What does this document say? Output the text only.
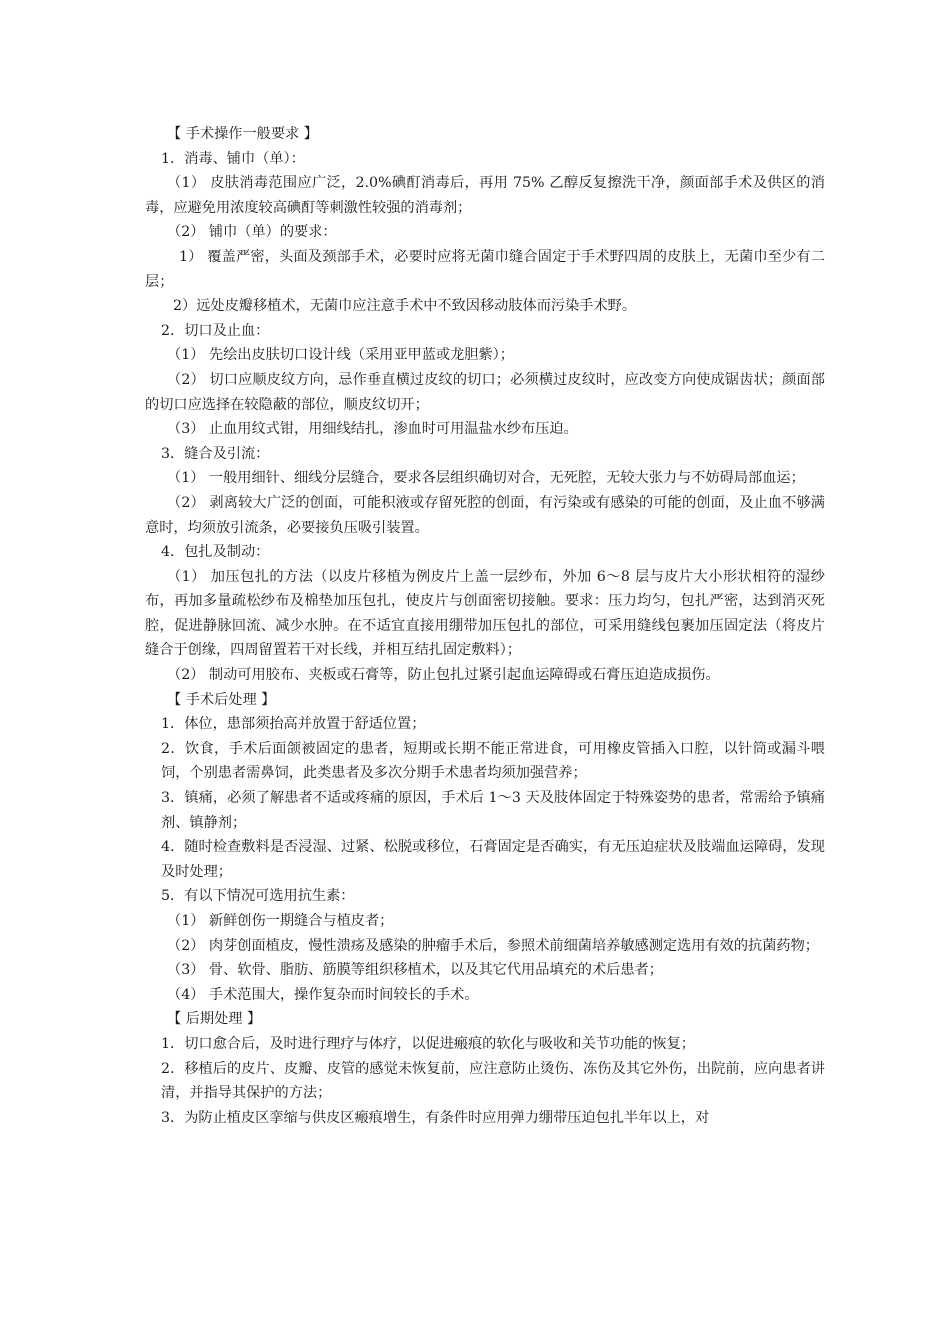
【 手术操作一般要求 】

1．消毒、铺巾（单）：

（1） 皮肤消毒范围应广泛，2.0%碘酊消毒后，再用 75% 乙醇反复擦洗干净，颜面部手术及供区的消毒，应避免用浓度较高碘酊等刺激性较强的消毒剂；

（2） 铺巾（单）的要求：

1） 覆盖严密，头面及颈部手术，必要时应将无菌巾缝合固定于手术野四周的皮肤上，无菌巾至少有二层；

2）远处皮瓣移植术，无菌巾应注意手术中不致因移动肢体而污染手术野。

2．切口及止血：

（1） 先绘出皮肤切口设计线（采用亚甲蓝或龙胆紫）；

（2） 切口应顺皮纹方向，忌作垂直横过皮纹的切口；必须横过皮纹时，应改变方向使成锯齿状；颜面部的切口应选择在较隐蔽的部位，顺皮纹切开；

（3） 止血用纹式钳，用细线结扎，渗血时可用温盐水纱布压迫。

3．缝合及引流：

（1） 一般用细针、细线分层缝合，要求各层组织确切对合，无死腔，无较大张力与不妨碍局部血运；

（2） 剥离较大广泛的创面，可能积液或存留死腔的创面，有污染或有感染的可能的创面，及止血不够满意时，均须放引流条，必要接负压吸引装置。

4．包扎及制动：

（1） 加压包扎的方法（以皮片移植为例皮片上盖一层纱布，外加 6～8 层与皮片大小形状相符的湿纱布，再加多量疏松纱布及棉垫加压包扎，使皮片与创面密切接触。要求：压力均匀，包扎严密，达到消灭死腔，促进静脉回流、减少水肿。在不适宜直接用绷带加压包扎的部位，可采用缝线包裹加压固定法（将皮片缝合于创缘，四周留置若干对长线，并相互结扎固定敷料）；

（2） 制动可用胶布、夹板或石膏等，防止包扎过紧引起血运障碍或石膏压迫造成损伤。

【 手术后处理 】

1．体位，患部须抬高并放置于舒适位置；

2．饮食，手术后面颌被固定的患者，短期或长期不能正常进食，可用橡皮管插入口腔，以针筒或漏斗喂饲，个别患者需鼻饲，此类患者及多次分期手术患者均须加强营养；

3．镇痛，必须了解患者不适或疼痛的原因，手术后 1～3 天及肢体固定于特殊姿势的患者，常需给予镇痛剂、镇静剂；

4．随时检查敷料是否浸湿、过紧、松脱或移位，石膏固定是否确实，有无压迫症状及肢端血运障碍，发现及时处理；

5．有以下情况可选用抗生素：

（1） 新鲜创伤一期缝合与植皮者；

（2） 肉芽创面植皮，慢性溃疡及感染的肿瘤手术后，参照术前细菌培养敏感测定选用有效的抗菌药物；

（3） 骨、软骨、脂肪、筋膜等组织移植术，以及其它代用品填充的术后患者；

（4） 手术范围大，操作复杂而时间较长的手术。

【 后期处理 】

1．切口愈合后，及时进行理疗与体疗，以促进瘢痕的软化与吸收和关节功能的恢复；

2．移植后的皮片、皮瓣、皮管的感觉未恢复前，应注意防止烫伤、冻伤及其它外伤，出院前，应向患者讲清，并指导其保护的方法；

3．为防止植皮区挛缩与供皮区瘢痕增生，有条件时应用弹力绷带压迫包扎半年以上，对
